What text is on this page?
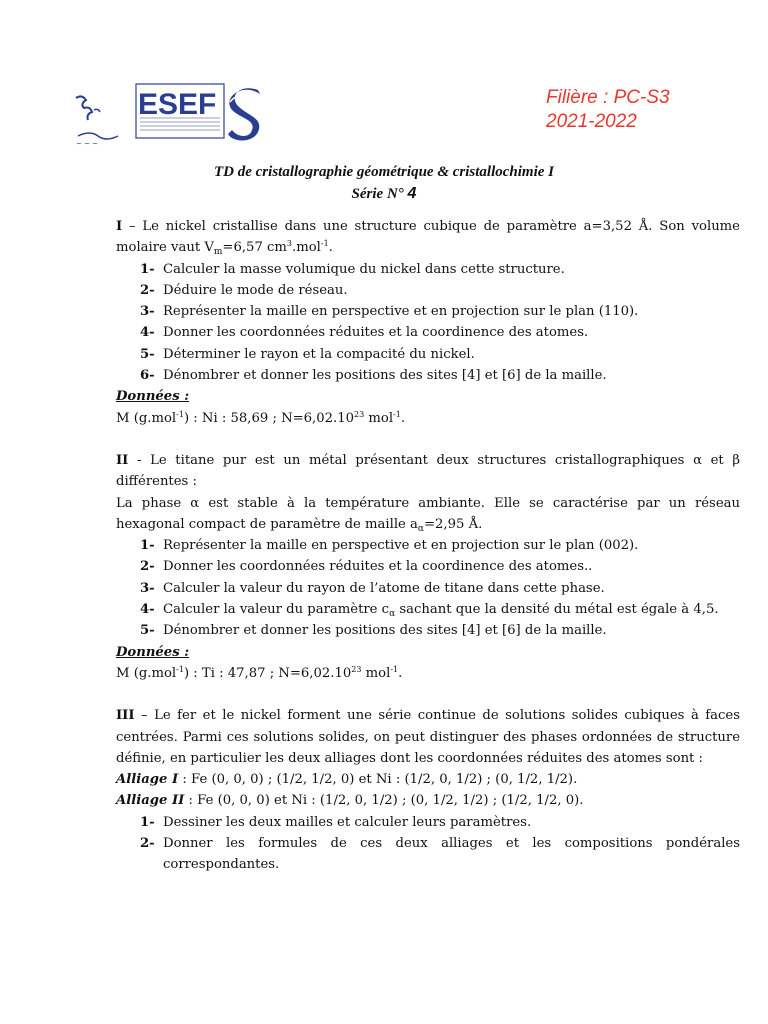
~ ~ ~
ESEF	Filière : PC-S3
2021-2022
TD de cristallographie géométrique & cristallochimie I
Série N° 4

I – Le nickel cristallise dans une structure cubique de paramètre a=3,52 Å. Son volume molaire vaut $V_m=6,57$ $cm^3.mol^{-1}$.

1- Calculer la masse volumique du nickel dans cette structure.
2- Déduire le mode de réseau.
3- Représenter la maille en perspective et en projection sur le plan (110).
4- Donner les coordonnées réduites et la coordinence des atomes.
5- Déterminer le rayon et la compacité du nickel.
6- Dénombrer et donner les positions des sites [4] et [6] de la maille.
Données :
M (g.mol$^{-1}$) : Ni : 58,69 ; $N=6,02.10^{23}$ mol$^{-1}$.

II - Le titane pur est un métal présentant deux structures cristallographiques α et β différentes :

La phase α est stable à la température ambiante. Elle se caractérise par un réseau hexagonal compact de paramètre de maille $a_\alpha=2,95$ Å.

1- Représenter la maille en perspective et en projection sur le plan (002).
2- Donner les coordonnées réduites et la coordinence des atomes..
3- Calculer la valeur du rayon de l’atome de titane dans cette phase.
4- Calculer la valeur du paramètre $c_\alpha$ sachant que la densité du métal est égale à 4,5.
5- Dénombrer et donner les positions des sites [4] et [6] de la maille.
Données :
M (g.mol$^{-1}$) : Ti : 47,87 ; $N=6,02.10^{23}$ mol$^{-1}$.

III – Le fer et le nickel forment une série continue de solutions solides cubiques à faces centrées. Parmi ces solutions solides, on peut distinguer des phases ordonnées de structure définie, en particulier les deux alliages dont les coordonnées réduites des atomes sont :

Alliage I : Fe (0, 0, 0) ; (1/2, 1/2, 0) et Ni : (1/2, 0, 1/2) ; (0, 1/2, 1/2).
Alliage II : Fe (0, 0, 0) et Ni : (1/2, 0, 1/2) ; (0, 1/2, 1/2) ; (1/2, 1/2, 0).
1- Dessiner les deux mailles et calculer leurs paramètres.
2- Donner les formules de ces deux alliages et les compositions pondérales correspondantes.
